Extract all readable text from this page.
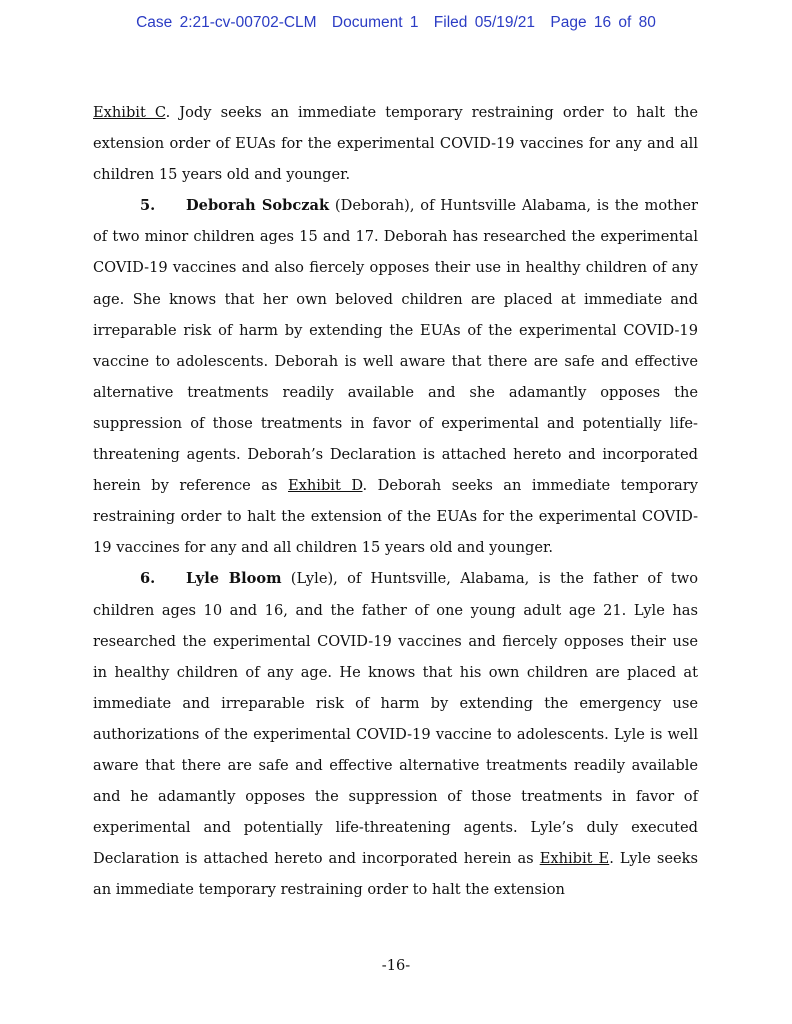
Case 2:21-cv-00702-CLM Document 1 Filed 05/19/21 Page 16 of 80

Exhibit C. Jody seeks an immediate temporary restraining order to halt the extension order of EUAs for the experimental COVID-19 vaccines for any and all children 15 years old and younger.

5. Deborah Sobczak (Deborah), of Huntsville Alabama, is the mother of two minor children ages 15 and 17. Deborah has researched the experimental COVID-19 vaccines and also fiercely opposes their use in healthy children of any age. She knows that her own beloved children are placed at immediate and irreparable risk of harm by extending the EUAs of the experimental COVID-19 vaccine to adolescents. Deborah is well aware that there are safe and effective alternative treatments readily available and she adamantly opposes the suppression of those treatments in favor of experimental and potentially life-threatening agents. Deborah’s Declaration is attached hereto and incorporated herein by reference as Exhibit D. Deborah seeks an immediate temporary restraining order to halt the extension of the EUAs for the experimental COVID-19 vaccines for any and all children 15 years old and younger.

6. Lyle Bloom (Lyle), of Huntsville, Alabama, is the father of two children ages 10 and 16, and the father of one young adult age 21. Lyle has researched the experimental COVID-19 vaccines and fiercely opposes their use in healthy children of any age. He knows that his own children are placed at immediate and irreparable risk of harm by extending the emergency use authorizations of the experimental COVID-19 vaccine to adolescents. Lyle is well aware that there are safe and effective alternative treatments readily available and he adamantly opposes the suppression of those treatments in favor of experimental and potentially life-threatening agents. Lyle’s duly executed Declaration is attached hereto and incorporated herein as Exhibit E. Lyle seeks an immediate temporary restraining order to halt the extension

-16-
